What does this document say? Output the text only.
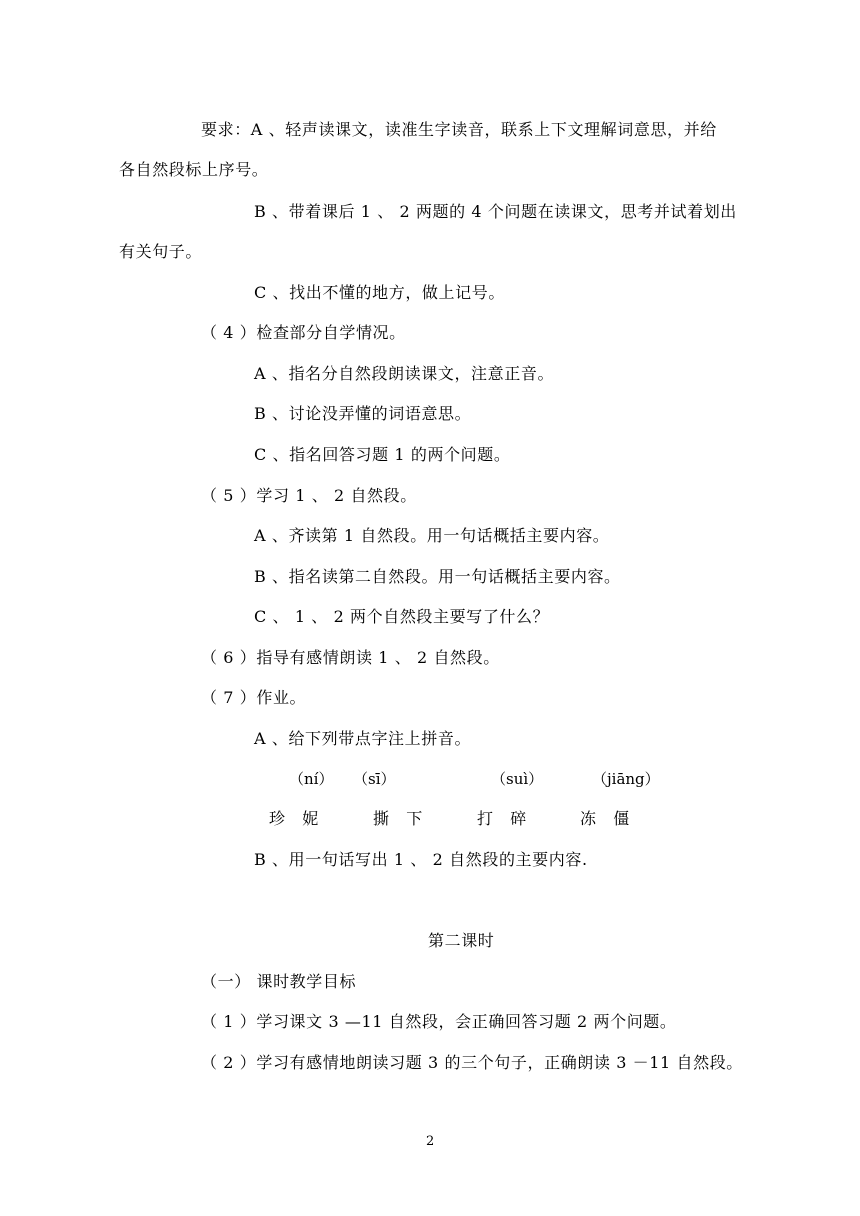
要求：A 、轻声读课文，读准生字读音，联系上下文理解词意思，并给
各自然段标上序号。
B 、带着课后 1 、 2 两题的 4 个问题在读课文，思考并试着划出
有关句子。
C 、找出不懂的地方，做上记号。
（ 4 ）检查部分自学情况。
A 、指名分自然段朗读课文，注意正音。
B 、讨论没弄懂的词语意思。
C 、指名回答习题 1 的两个问题。
（ 5 ）学习 1 、 2 自然段。
A 、齐读第 1 自然段。用一句话概括主要内容。
B 、指名读第二自然段。用一句话概括主要内容。
C 、 1 、 2 两个自然段主要写了什么？
（ 6 ）指导有感情朗读 1 、 2 自然段。
（ 7 ）作业。
A 、给下列带点字注上拼音。
（ní） （sī）	（suì）	（jiāng）
珍　妮	撕　下	打　碎	冻　僵
B 、用一句话写出 1 、 2 自然段的主要内容.
第二课时
（一） 课时教学目标
（ 1 ）学习课文 3 —11 自然段，会正确回答习题 2 两个问题。
（ 2 ）学习有感情地朗读习题 3 的三个句子，正确朗读 3 －11 自然段。
2
